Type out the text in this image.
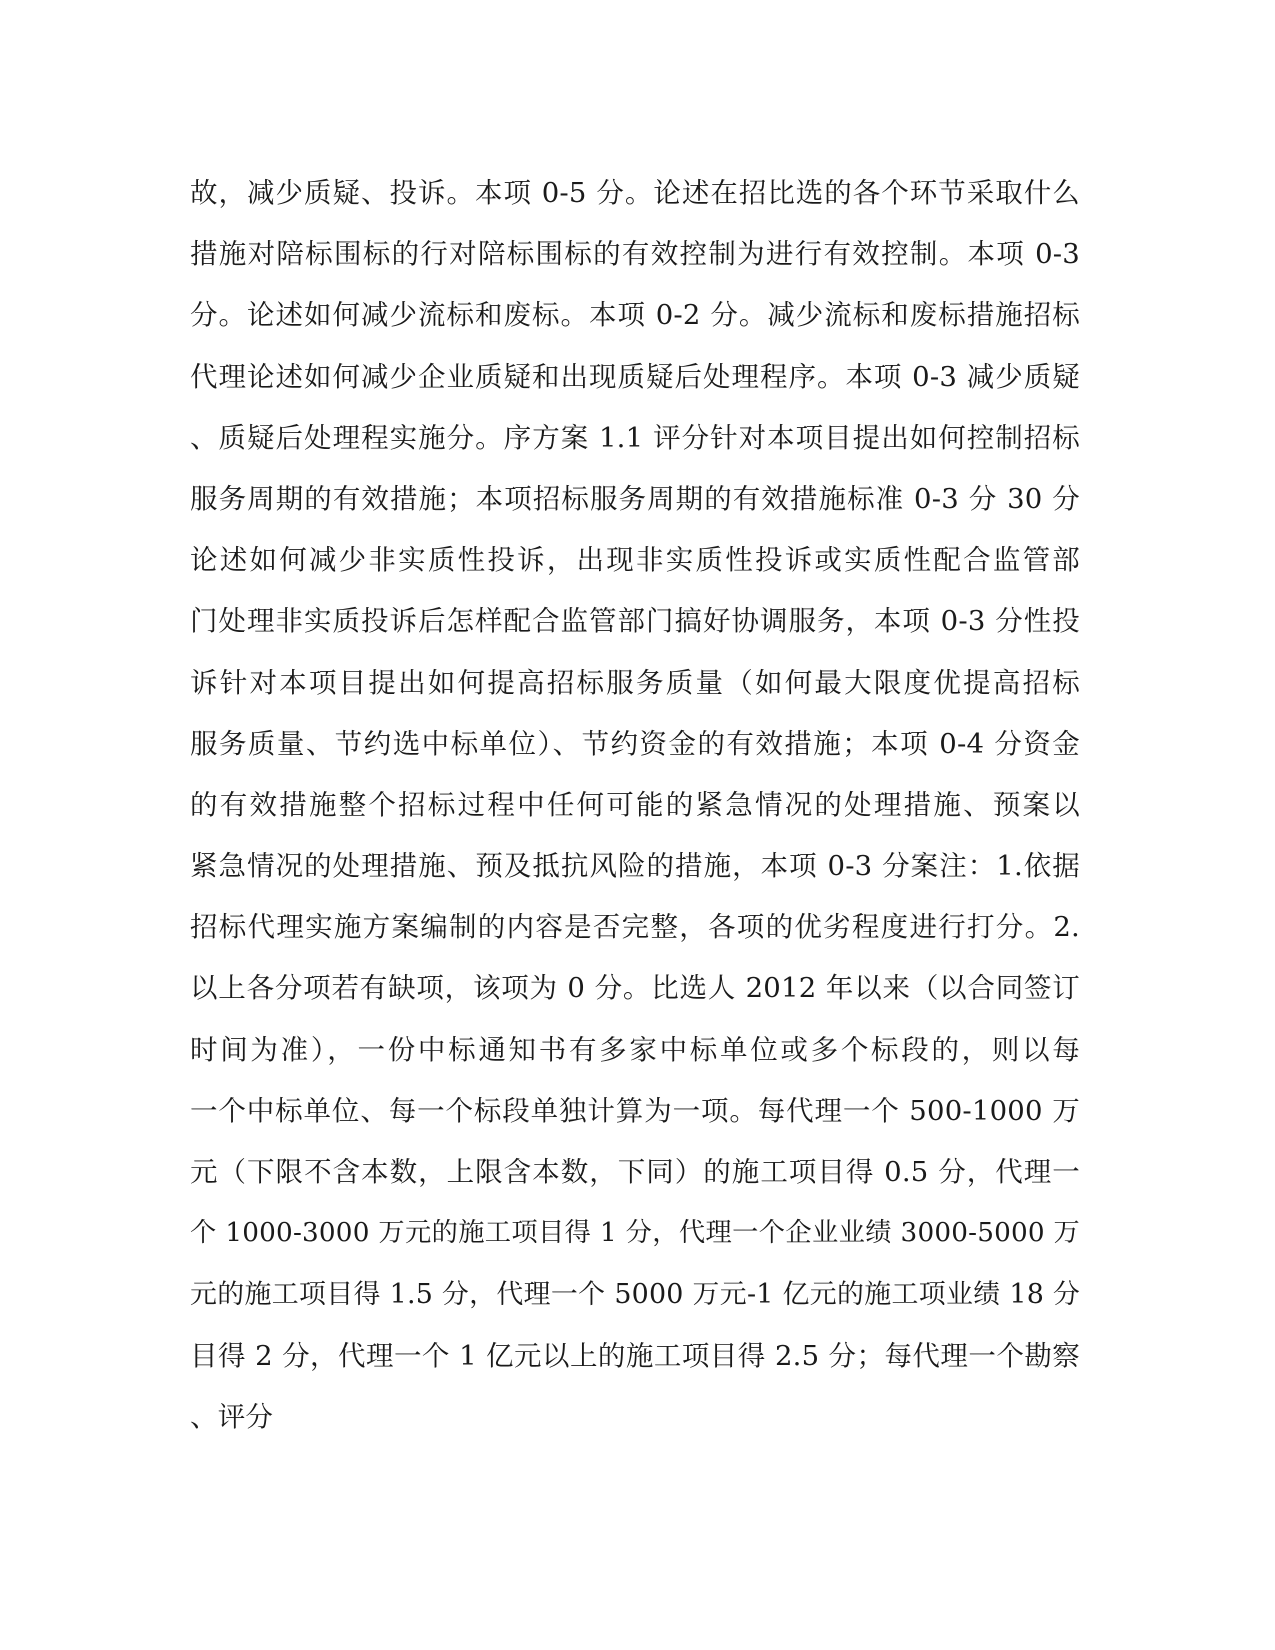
故，减少质疑、投诉。本项 0-5 分。论述在招比选的各个环节采取什么
措施对陪标围标的行对陪标围标的有效控制为进行有效控制。本项 0-3
分。论述如何减少流标和废标。本项 0-2 分。减少流标和废标措施招标
代理论述如何减少企业质疑和出现质疑后处理程序。本项 0-3 减少质疑
、质疑后处理程实施分。序方案 1.1 评分针对本项目提出如何控制招标
服务周期的有效措施；本项招标服务周期的有效措施标准 0-3 分 30 分
论述如何减少非实质性投诉，出现非实质性投诉或实质性配合监管部
门处理非实质投诉后怎样配合监管部门搞好协调服务，本项 0-3 分性投
诉针对本项目提出如何提高招标服务质量（如何最大限度优提高招标
服务质量、节约选中标单位）、节约资金的有效措施；本项 0-4 分资金
的有效措施整个招标过程中任何可能的紧急情况的处理措施、预案以
紧急情况的处理措施、预及抵抗风险的措施，本项 0-3 分案注：1.依据
招标代理实施方案编制的内容是否完整，各项的优劣程度进行打分。2.
以上各分项若有缺项，该项为 0 分。比选人 2012 年以来（以合同签订
时间为准），一份中标通知书有多家中标单位或多个标段的，则以每
一个中标单位、每一个标段单独计算为一项。每代理一个 500-1000 万
元（下限不含本数，上限含本数，下同）的施工项目得 0.5 分，代理一
个 1000-3000 万元的施工项目得 1 分，代理一个企业业绩 3000-5000 万
元的施工项目得 1.5 分，代理一个 5000 万元-1 亿元的施工项业绩 18 分
目得 2 分，代理一个 1 亿元以上的施工项目得 2.5 分；每代理一个勘察
、评分
